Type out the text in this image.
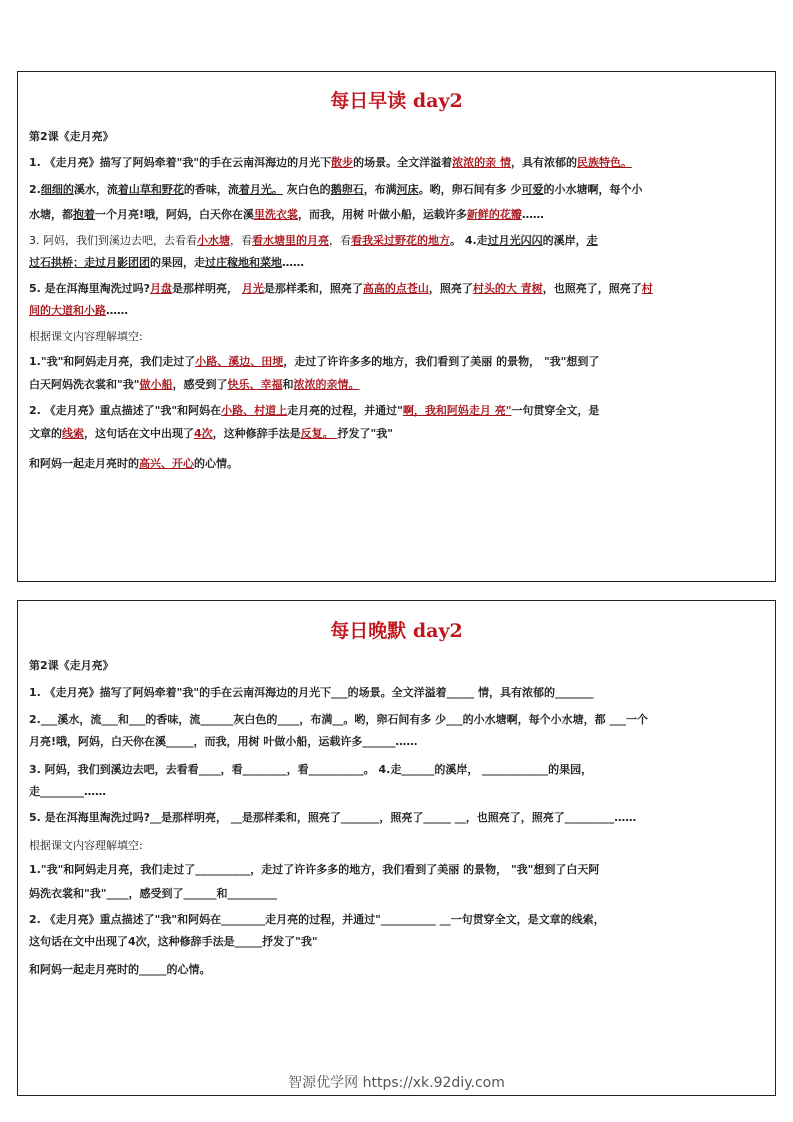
每日早读 day2
第2课《走月亮》
1. 《走月亮》描写了阿妈牵着"我"的手在云南洱海边的月光下散步的场景。全文洋溢着浓浓的亲 情，具有浓郁的民族特色。
2.细细的溪水，流着山草和野花的香味，流着月光。 灰白色的鹅卵石，布满河床。哟，卵石间有多 少可爱的小水塘啊，每个小
水塘，都抱着一个月亮!哦，阿妈，白天你在溪里洗衣裳，而我，用树 叶做小船，运载许多新鲜的花瓣……
3. 阿妈，我们到溪边去吧，去看看小水塘，看看水塘里的月亮，看看我采过野花的地方。 4.走过月光闪闪的溪岸，走
过石拱桥；走过月影团团的果园，走过庄稼地和菜地……
5. 是在洱海里淘洗过吗?月盘是那样明亮， 月光是那样柔和，照亮了高高的点苍山，照亮了村头的大 青树，也照亮了，照亮了村
间的大道和小路……
根据课文内容理解填空:
1."我"和阿妈走月亮，我们走过了小路、溪边、田埂，走过了许许多多的地方，我们看到了美丽 的景物， "我"想到了
白天阿妈洗衣裳和"我"做小船，感受到了快乐、幸福和浓浓的亲情。
2. 《走月亮》重点描述了"我"和阿妈在小路、村道上走月亮的过程，并通过"啊，我和阿妈走月 亮"一句贯穿全文，是
文章的线索，这句话在文中出现了4次，这种修辞手法是反复。 抒发了"我"
和阿妈一起走月亮时的高兴、开心的心情。
每日晚默 day2
第2课《走月亮》
1. 《走月亮》描写了阿妈牵着"我"的手在云南洱海边的月光下___的场景。全文洋溢着_____ 情，具有浓郁的_______
2.___溪水，流___和___的香味，流______灰白色的____，布满__。哟，卵石间有多 少___的小水塘啊，每个小水塘，都 ___一个
月亮!哦，阿妈，白天你在溪_____，而我，用树 叶做小船，运载许多______……
3. 阿妈，我们到溪边去吧，去看看____，看________，看__________。 4.走______的溪岸， ____________的果园，
走________……
5. 是在洱海里淘洗过吗?__是那样明亮， __是那样柔和，照亮了_______，照亮了_____ __，也照亮了，照亮了_________……
根据课文内容理解填空:
1."我"和阿妈走月亮，我们走过了__________，走过了许许多多的地方，我们看到了美丽 的景物， "我"想到了白天阿
妈洗衣裳和"我"____，感受到了______和_________
2. 《走月亮》重点描述了"我"和阿妈在________走月亮的过程，并通过"__________ __一句贯穿全文，是文章的线索，
这句话在文中出现了4次，这种修辞手法是_____抒发了"我"
和阿妈一起走月亮时的_____的心情。
智源优学网 https://xk.92diy.com
